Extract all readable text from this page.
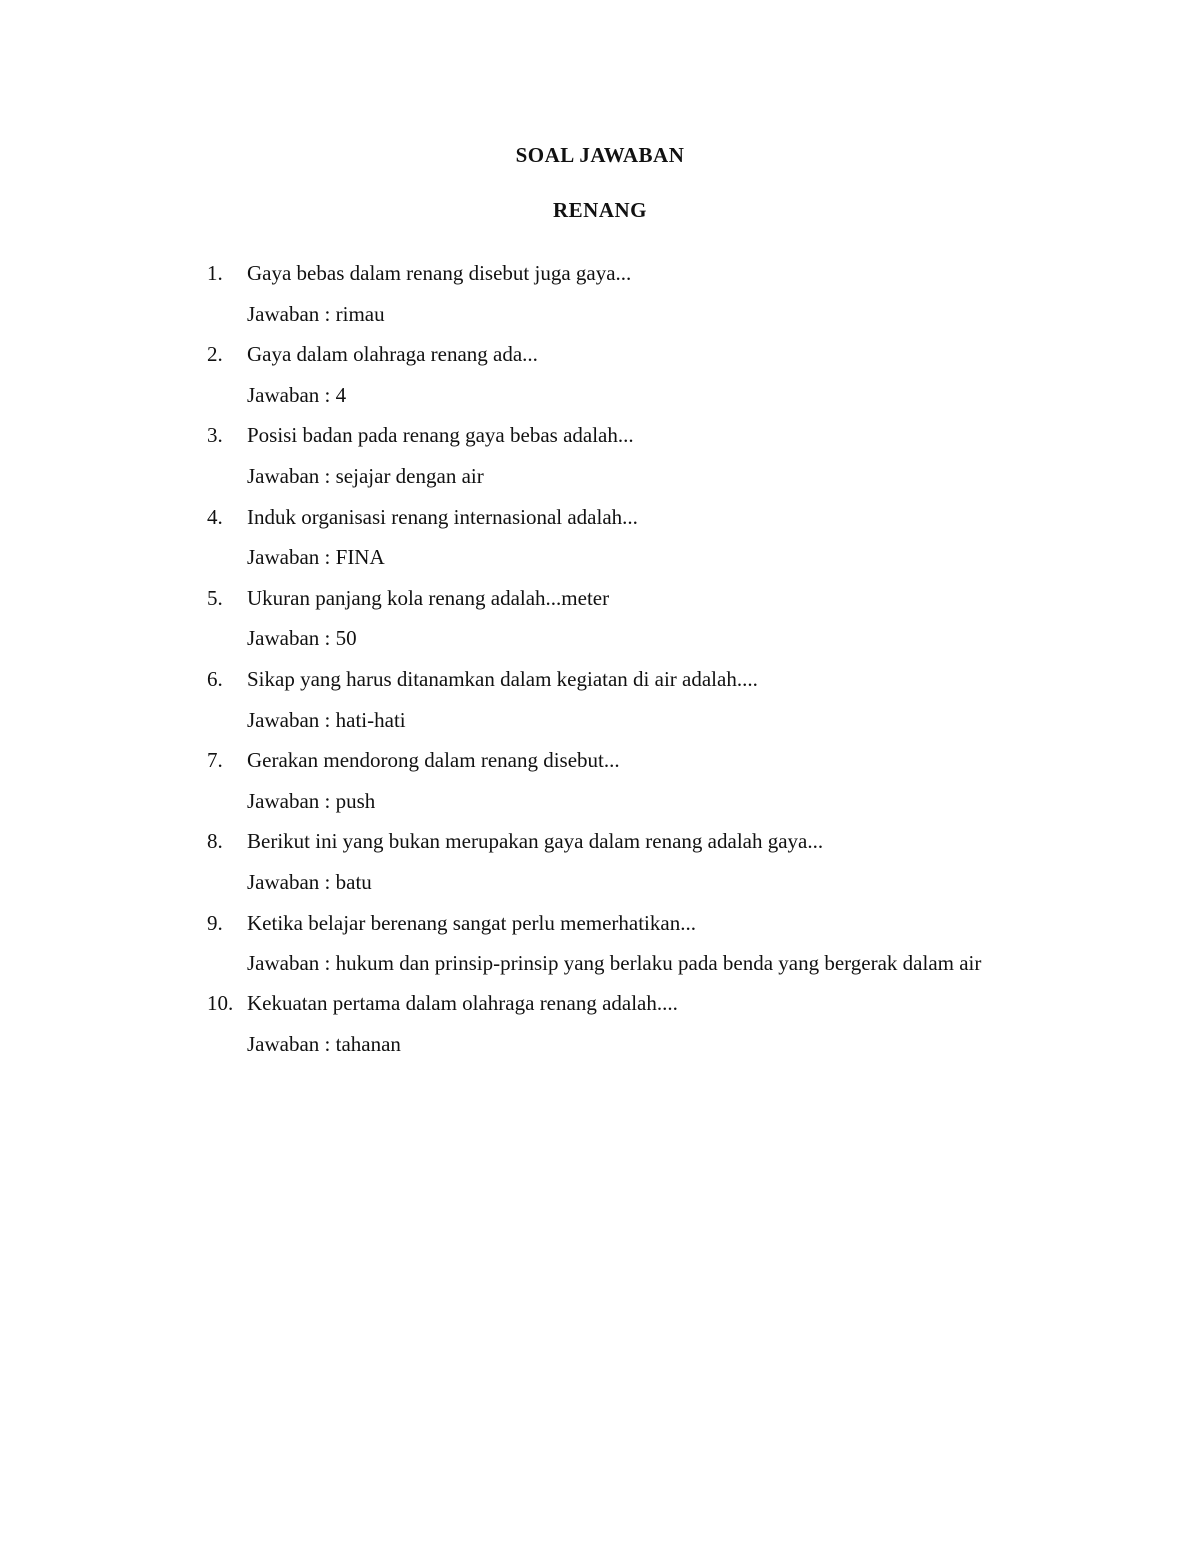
SOAL JAWABAN
RENANG
1. Gaya bebas dalam renang disebut juga gaya...
Jawaban : rimau
2. Gaya dalam olahraga renang ada...
Jawaban : 4
3. Posisi badan pada renang gaya bebas adalah...
Jawaban : sejajar dengan air
4. Induk organisasi renang internasional adalah...
Jawaban : FINA
5. Ukuran panjang kola renang adalah...meter
Jawaban : 50
6. Sikap yang harus ditanamkan dalam kegiatan di air adalah....
Jawaban : hati-hati
7. Gerakan mendorong dalam renang disebut...
Jawaban : push
8. Berikut ini yang bukan merupakan gaya dalam renang adalah gaya...
Jawaban : batu
9. Ketika belajar berenang sangat perlu memerhatikan...
Jawaban : hukum dan prinsip-prinsip yang berlaku pada benda yang bergerak dalam air
10. Kekuatan pertama dalam olahraga renang adalah....
Jawaban : tahanan
